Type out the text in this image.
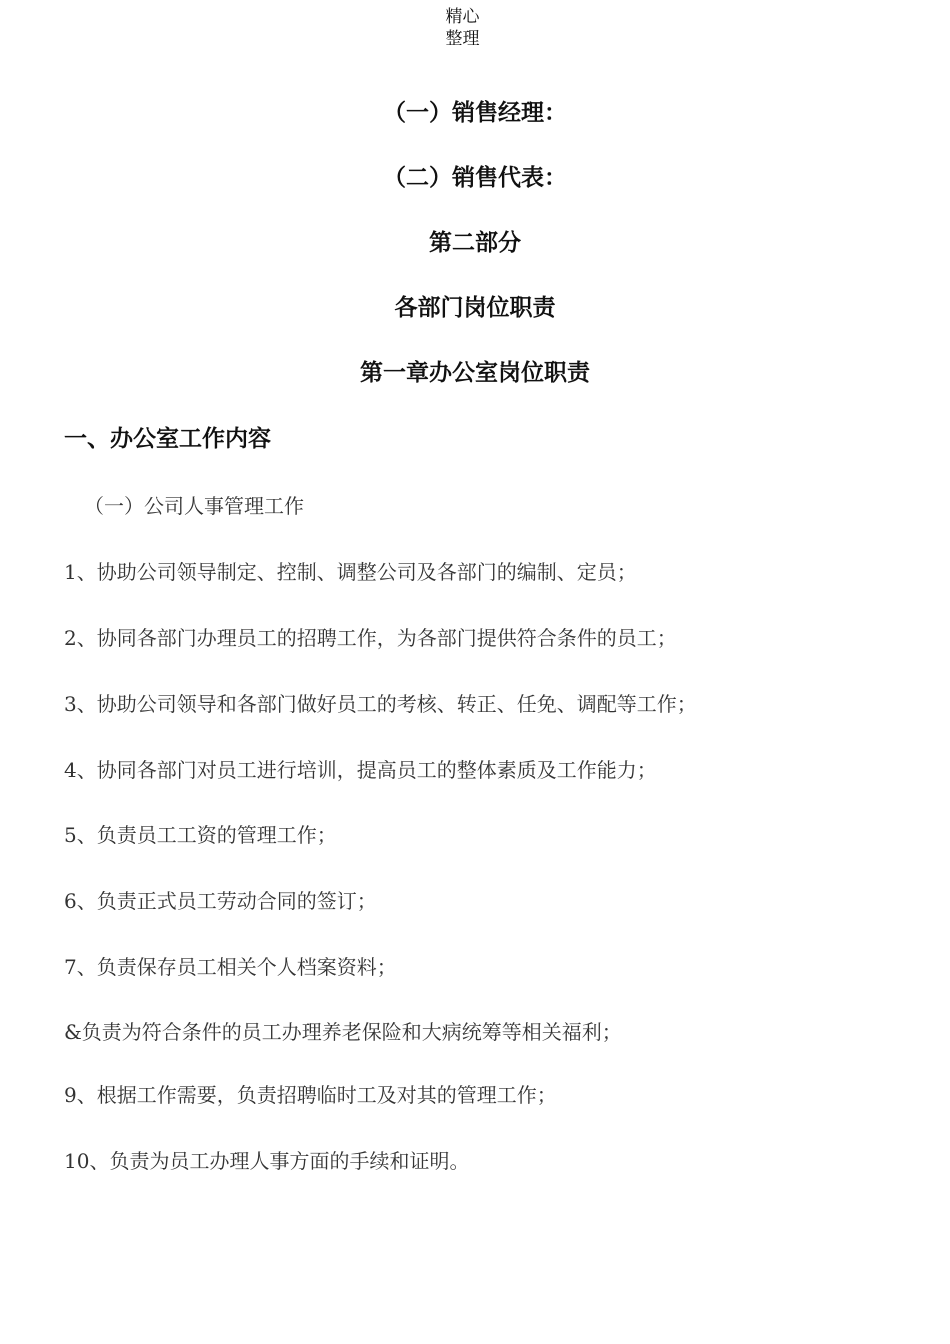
精心
整理
（一）销售经理：
（二）销售代表：
第二部分
各部门岗位职责
第一章办公室岗位职责
一、办公室工作内容
（一）公司人事管理工作
1、协助公司领导制定、控制、调整公司及各部门的编制、定员；
2、协同各部门办理员工的招聘工作，为各部门提供符合条件的员工；
3、协助公司领导和各部门做好员工的考核、转正、任免、调配等工作；
4、协同各部门对员工进行培训，提高员工的整体素质及工作能力；
5、负责员工工资的管理工作；
6、负责正式员工劳动合同的签订；
7、负责保存员工相关个人档案资料；
&负责为符合条件的员工办理养老保险和大病统筹等相关福利；
9、根据工作需要，负责招聘临时工及对其的管理工作；
10、负责为员工办理人事方面的手续和证明。
